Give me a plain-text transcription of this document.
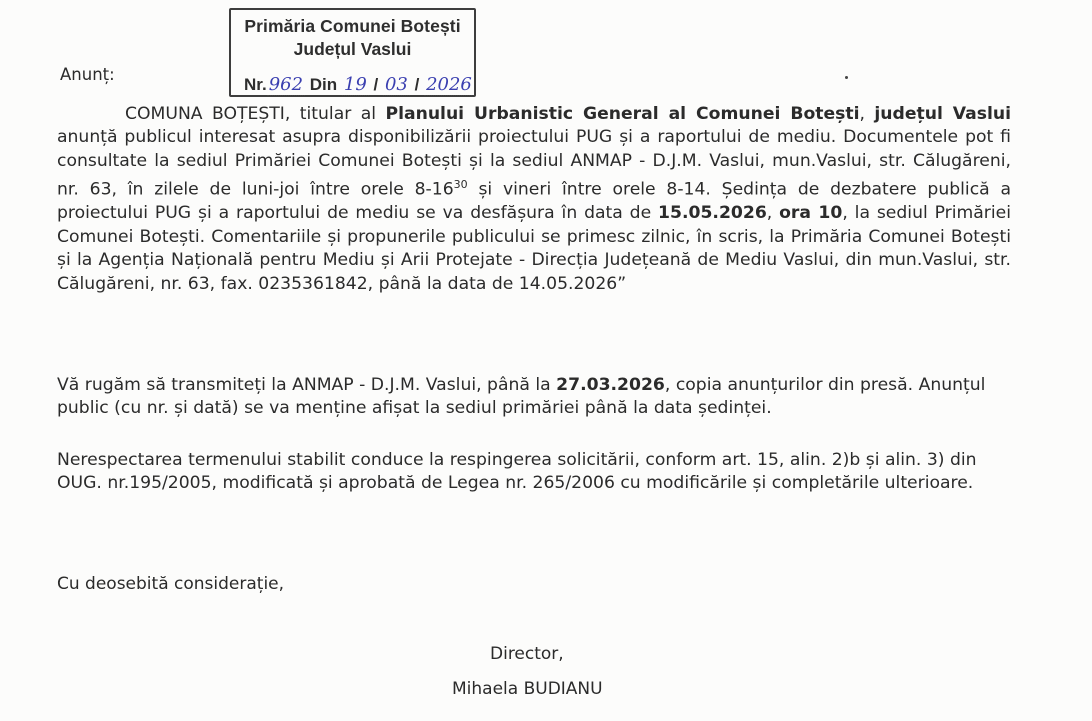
Primăria Comunei Botești
Județul Vaslui
Nr. 962 Din 19 / 03 / 2026
Anunț:
COMUNA BOȚEȘTI, titular al Planului Urbanistic General al Comunei Botești, județul Vaslui anunță publicul interesat asupra disponibilizării proiectului PUG și a raportului de mediu. Documentele pot fi consultate la sediul Primăriei Comunei Botești și la sediul ANMAP - D.J.M. Vaslui, mun.Vaslui, str. Călugăreni, nr. 63, în zilele de luni-joi între orele $8-16^{30}$ și vineri între orele 8-14. Ședința de dezbatere publică a proiectului PUG și a raportului de mediu se va desfășura în data de 15.05.2026, ora 10, la sediul Primăriei Comunei Botești. Comentariile și propunerile publicului se primesc zilnic, în scris, la Primăria Comunei Botești și la Agenția Națională pentru Mediu și Arii Protejate - Direcția Județeană de Mediu Vaslui, din mun.Vaslui, str. Călugăreni, nr. 63, fax. 0235361842, până la data de 14.05.2026”
Vă rugăm să transmiteți la ANMAP - D.J.M. Vaslui, până la 27.03.2026, copia anunțurilor din presă. Anunțul public (cu nr. și dată) se va menține afișat la sediul primăriei până la data ședinței.
Nerespectarea termenului stabilit conduce la respingerea solicitării, conform art. 15, alin. 2)b și alin. 3) din OUG. nr.195/2005, modificată și aprobată de Legea nr. 265/2006 cu modificările și completările ulterioare.
Cu deosebită considerație,
Director,
Mihaela BUDIANU
